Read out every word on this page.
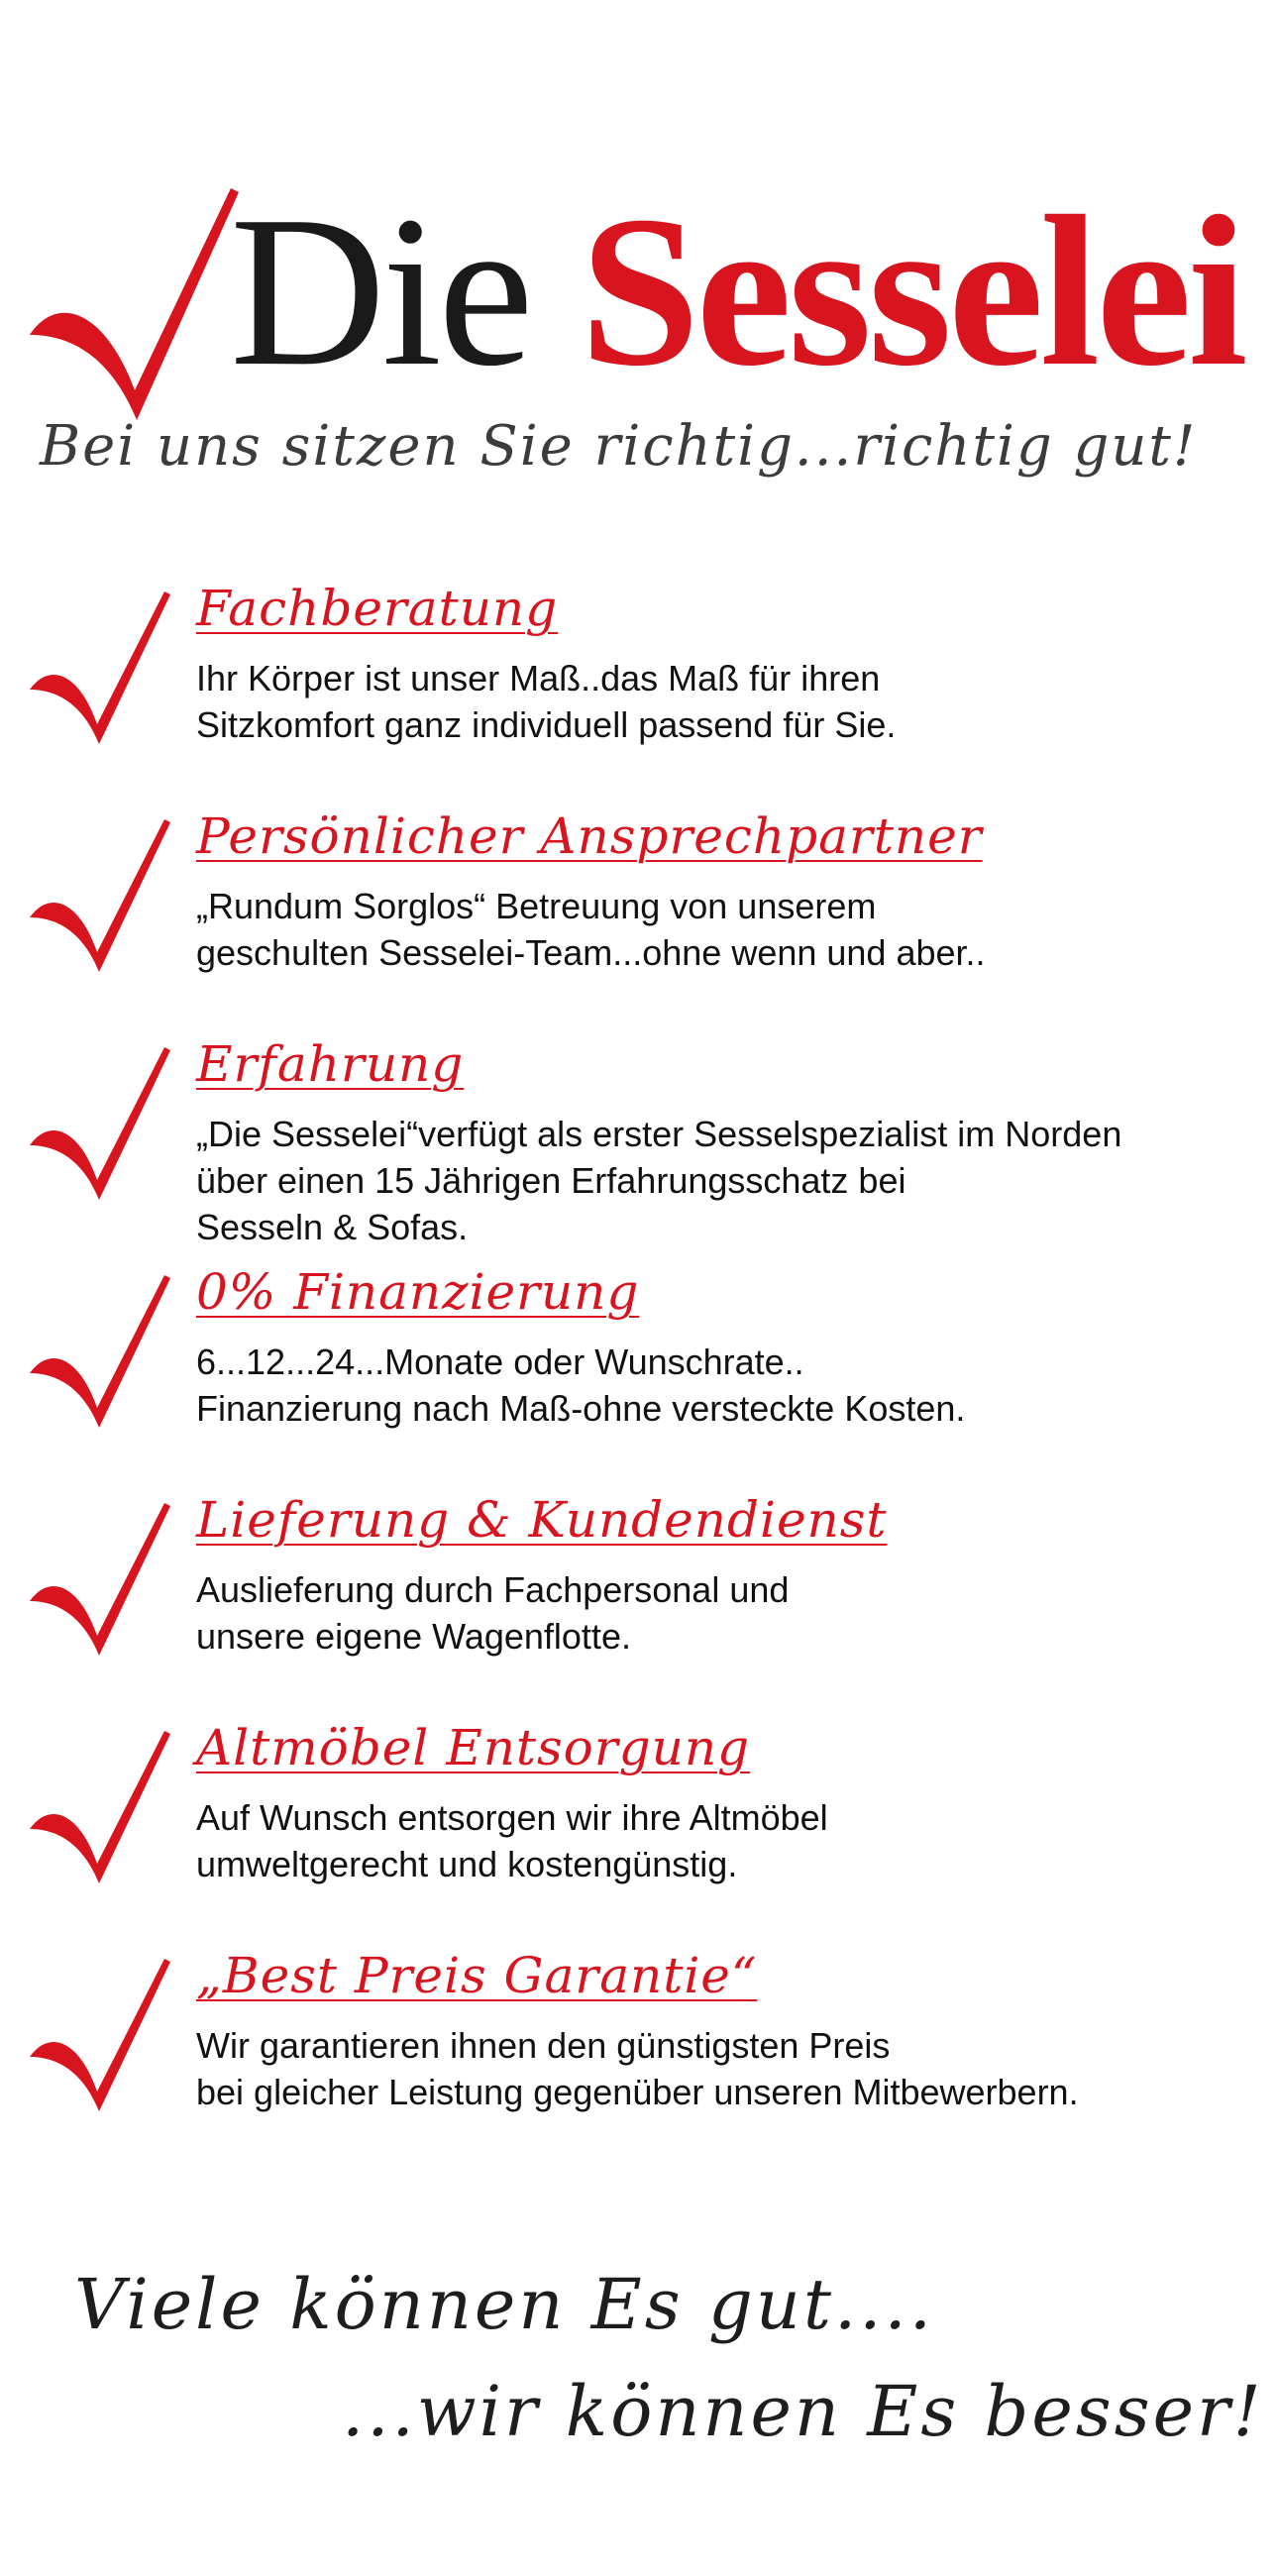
Die Sesselei

Bei uns sitzen Sie richtig...richtig gut!

Fachberatung

Ihr Körper ist unser Maß..das Maß für ihren
Sitzkomfort ganz individuell passend für Sie.

Persönlicher Ansprechpartner

„Rundum Sorglos“ Betreuung von unserem
geschulten Sesselei-Team...ohne wenn und aber..

Erfahrung

„Die Sesselei“verfügt als erster Sesselspezialist im Norden
über einen 15 Jährigen Erfahrungsschatz bei
Sesseln & Sofas.

0% Finanzierung

6...12...24...Monate oder Wunschrate..
Finanzierung nach Maß-ohne versteckte Kosten.

Lieferung & Kundendienst

Auslieferung durch Fachpersonal und
unsere eigene Wagenflotte.

Altmöbel Entsorgung

Auf Wunsch entsorgen wir ihre Altmöbel
umweltgerecht und kostengünstig.

„Best Preis Garantie“

Wir garantieren ihnen den günstigsten Preis
bei gleicher Leistung gegenüber unseren Mitbewerbern.

Viele können Es gut....

...wir können Es besser!
